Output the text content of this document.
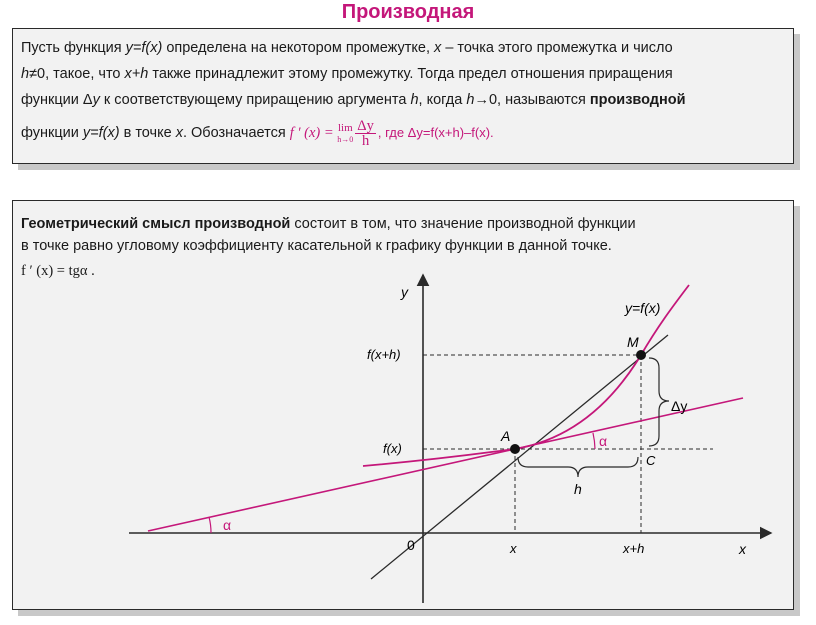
Производная
Пусть функция y=f(x) определена на некотором промежутке, x – точка этого промежутка и число
h≠0, такое, что x+h также принадлежит этому промежутку. Тогда предел отношения приращения
функции Δy к соответствующему приращению аргумента h, когда h→0, называются производной
функции y=f(x) в точке x. Обозначается f ′ (x) = lim
$h\to 0 \frac{\Delta y}{h}$ , где Δy=f(x+h)–f(x).
Геометрический смысл производной состоит в том, что значение производной функции
в точке равно угловому коэффициенту касательной к графику функции в данной точке.
f ′ (x) = tgα .
y
x
0
y=f(x)
A
M
C
f(x+h)
f(x)
x	x+h
h
Δy
α
α
